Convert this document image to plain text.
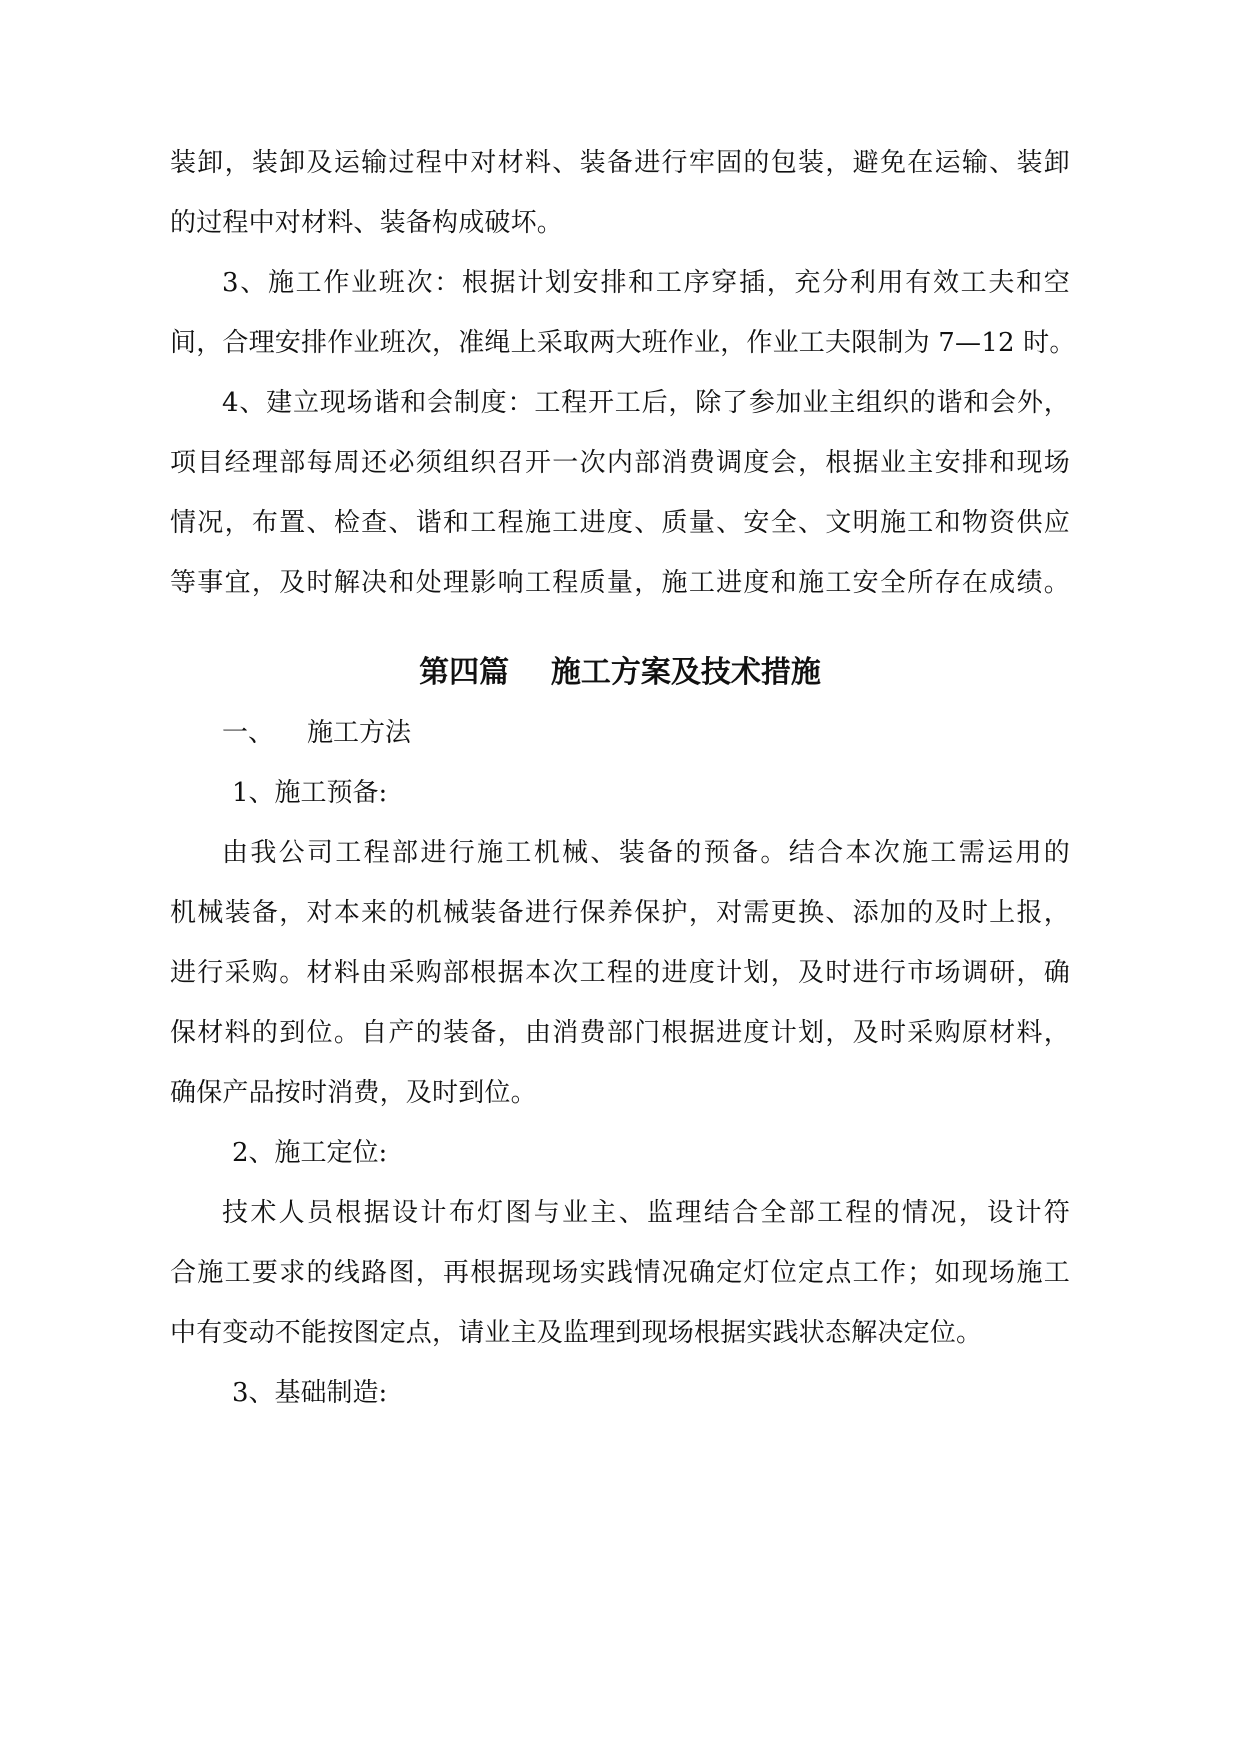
装卸，装卸及运输过程中对材料、装备进行牢固的包装，避免在运输、装卸
的过程中对材料、装备构成破坏。
3、施工作业班次：根据计划安排和工序穿插，充分利用有效工夫和空
间，合理安排作业班次，准绳上采取两大班作业，作业工夫限制为 7—12 时。
4、建立现场谐和会制度：工程开工后，除了参加业主组织的谐和会外，
项目经理部每周还必须组织召开一次内部消费调度会，根据业主安排和现场
情况，布置、检查、谐和工程施工进度、质量、安全、文明施工和物资供应
等事宜，及时解决和处理影响工程质量，施工进度和施工安全所存在成绩。
第四篇    施工方案及技术措施
一、    施工方法
1、施工预备:
由我公司工程部进行施工机械、装备的预备。结合本次施工需运用的
机械装备，对本来的机械装备进行保养保护，对需更换、添加的及时上报，
进行采购。材料由采购部根据本次工程的进度计划，及时进行市场调研，确
保材料的到位。自产的装备，由消费部门根据进度计划，及时采购原材料，
确保产品按时消费，及时到位。
2、施工定位:
技术人员根据设计布灯图与业主、监理结合全部工程的情况，设计符
合施工要求的线路图，再根据现场实践情况确定灯位定点工作；如现场施工
中有变动不能按图定点，请业主及监理到现场根据实践状态解决定位。
3、基础制造:
